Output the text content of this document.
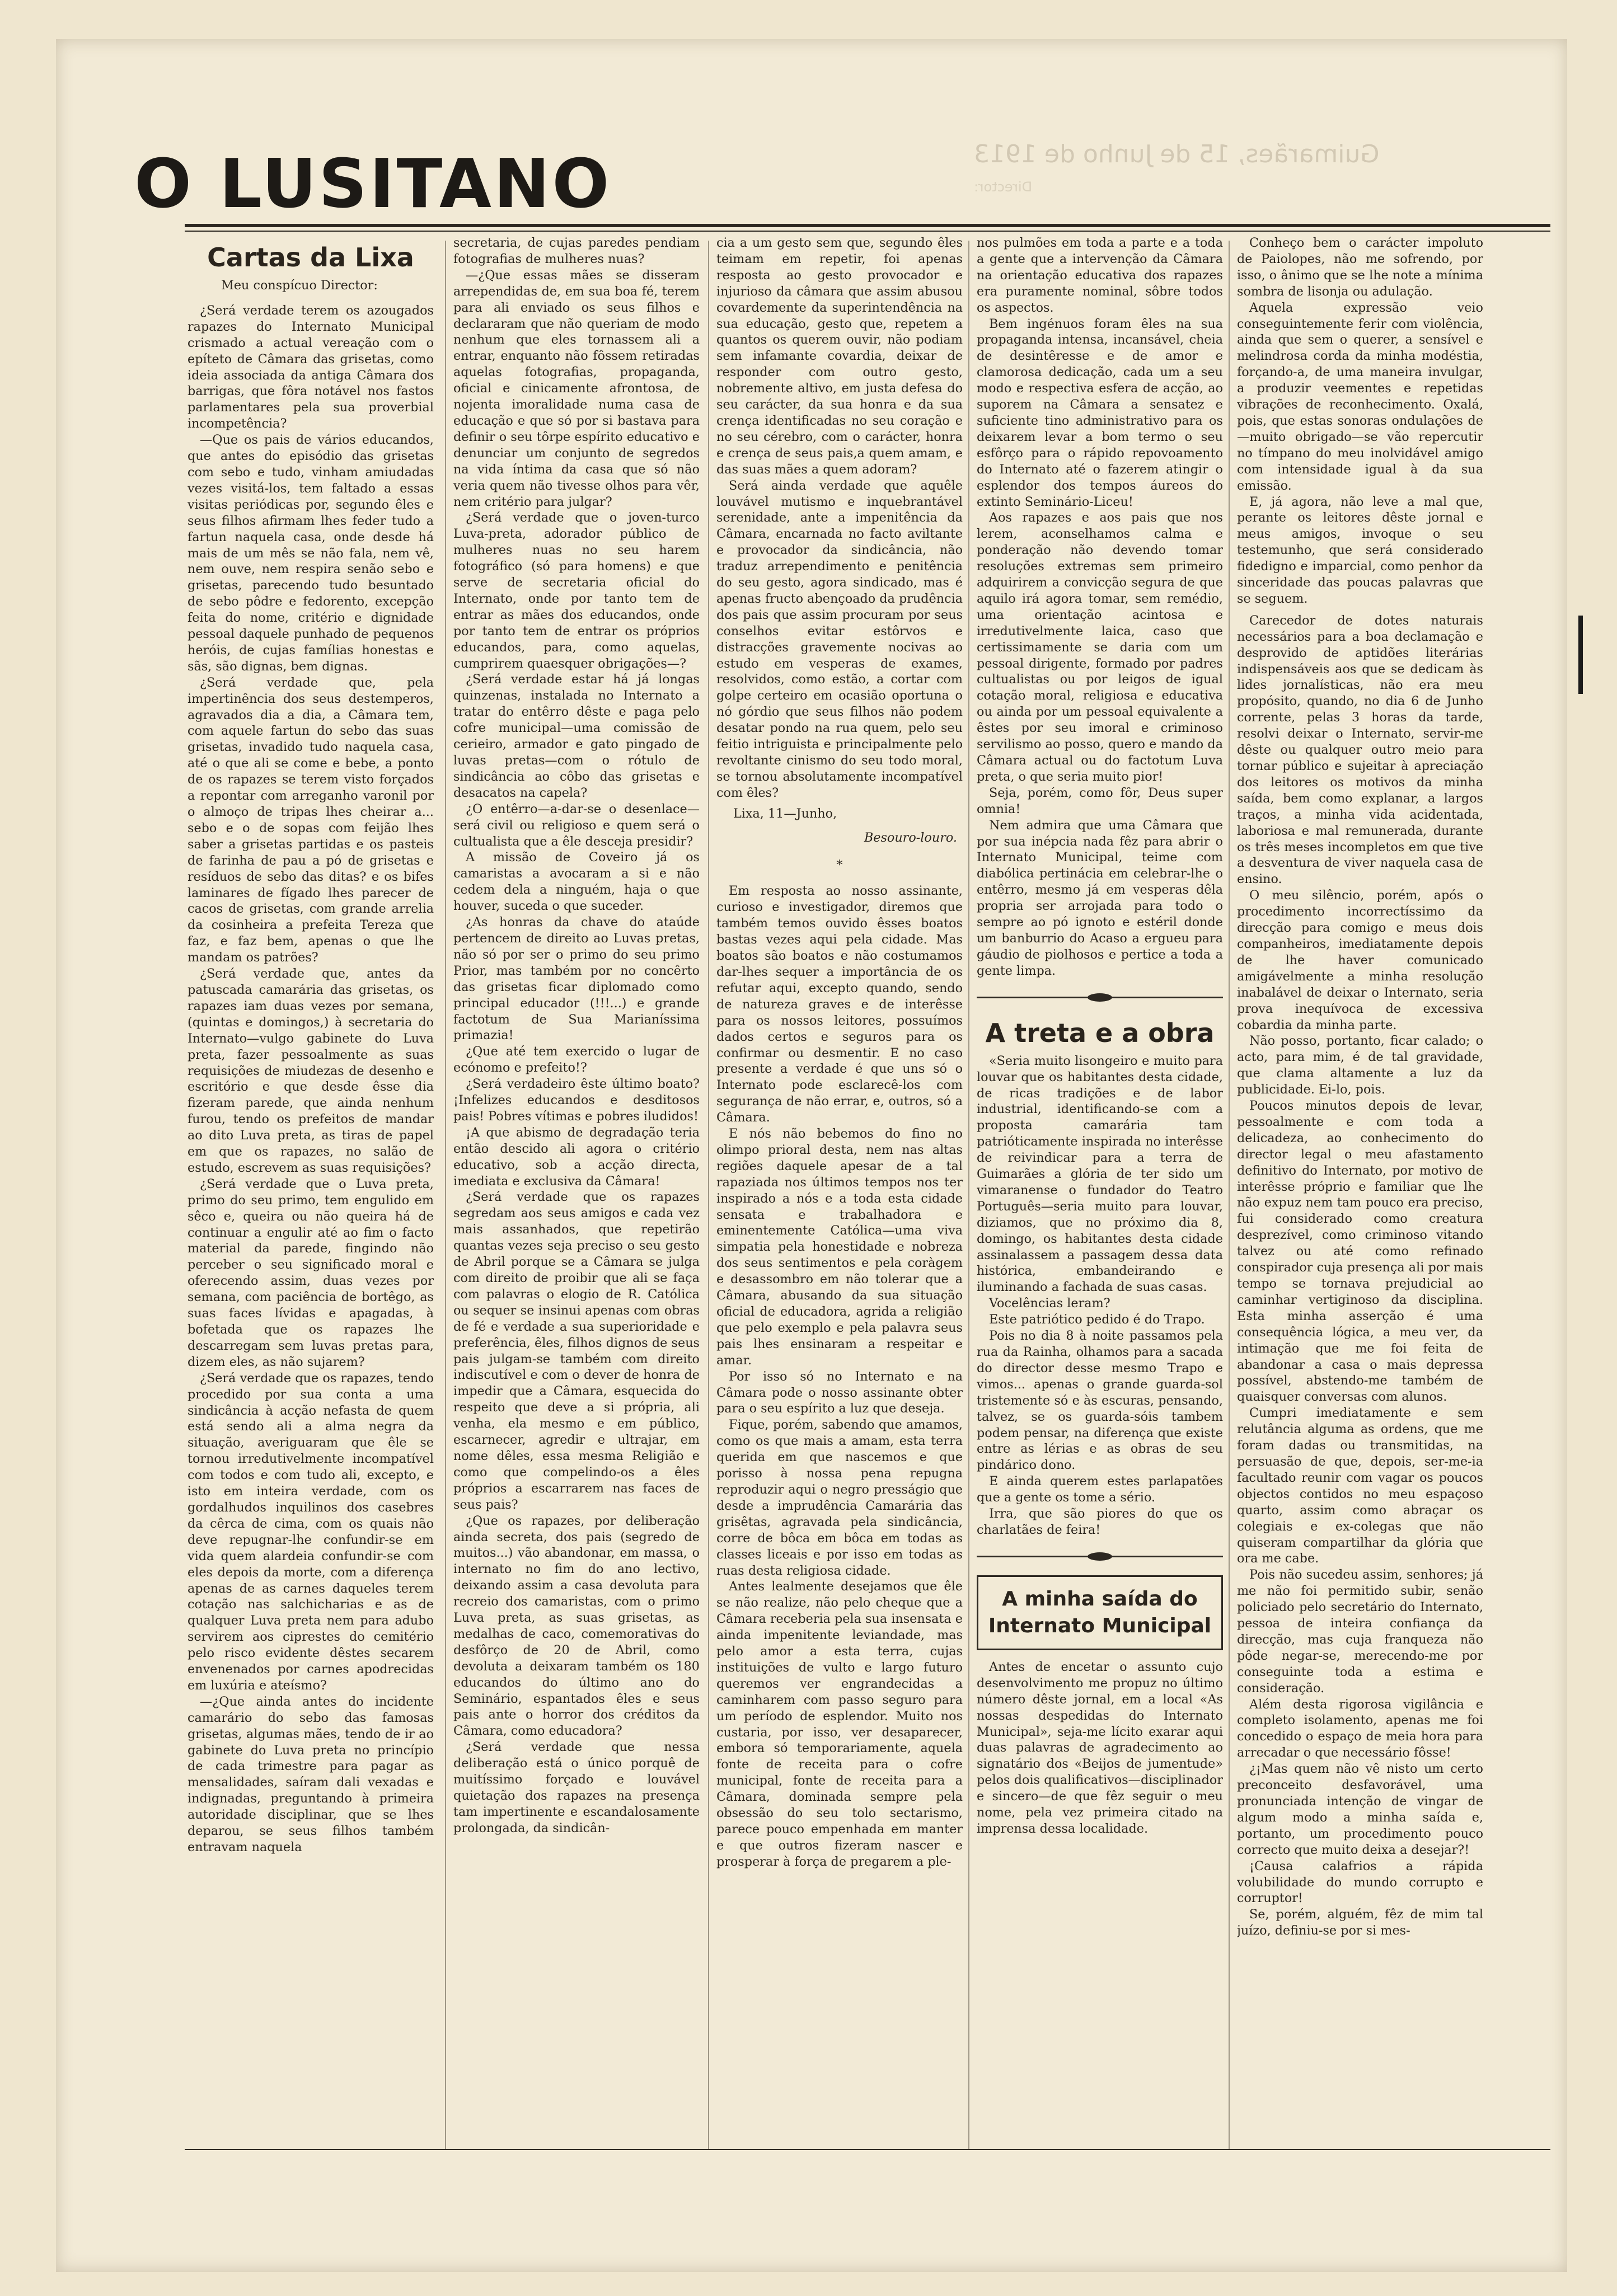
O LUSITANO	Guimarães, 15 de Junho de 1913
Director:
Cartas da Lixa

Meu conspícuo Director:

¿Será verdade terem os azougados rapazes do Internato Municipal crismado a actual vereação com o epíteto de Câmara das grisetas, como ideia associada da antiga Câmara dos barrigas, que fôra notável nos fastos parlamentares pela sua proverbial incompetência?

—Que os pais de vários educandos, que antes do episódio das grisetas com sebo e tudo, vinham amiudadas vezes visitá-los, tem faltado a essas visitas periódicas por, segundo êles e seus filhos afirmam lhes feder tudo a fartun naquela casa, onde desde há mais de um mês se não fala, nem vê, nem ouve, nem respira senão sebo e grisetas, parecendo tudo besuntado de sebo pôdre e fedorento, excepção feita do nome, critério e dignidade pessoal daquele punhado de pequenos heróis, de cujas famílias honestas e sãs, são dignas, bem dignas.

¿Será verdade que, pela impertinência dos seus destemperos, agravados dia a dia, a Câmara tem, com aquele fartun do sebo das suas grisetas, invadido tudo naquela casa, até o que ali se come e bebe, a ponto de os rapazes se terem visto forçados a repontar com arreganho varonil por o almoço de tripas lhes cheirar a... sebo e o de sopas com feijão lhes saber a grisetas partidas e os pasteis de farinha de pau a pó de grisetas e resíduos de sebo das ditas? e os bifes laminares de fígado lhes parecer de cacos de grisetas, com grande arrelia da cosinheira a prefeita Tereza que faz, e faz bem, apenas o que lhe mandam os patrões?

¿Será verdade que, antes da patuscada camarária das grisetas, os rapazes iam duas vezes por semana, (quintas e domingos,) à secretaria do Internato—vulgo gabinete do Luva preta, fazer pessoalmente as suas requisições de miudezas de desenho e escritório e que desde êsse dia fizeram parede, que ainda nenhum furou, tendo os prefeitos de mandar ao dito Luva preta, as tiras de papel em que os rapazes, no salão de estudo, escrevem as suas requisições?

¿Será verdade que o Luva preta, primo do seu primo, tem engulido em sêco e, queira ou não queira há de continuar a engulir até ao fim o facto material da parede, fingindo não perceber o seu significado moral e oferecendo assim, duas vezes por semana, com paciência de bortêgo, as suas faces lívidas e apagadas, à bofetada que os rapazes lhe descarregam sem luvas pretas para, dizem eles, as não sujarem?

¿Será verdade que os rapazes, tendo procedido por sua conta a uma sindicância à acção nefasta de quem está sendo ali a alma negra da situação, averiguaram que êle se tornou irredutivelmente incompatível com todos e com tudo ali, excepto, e isto em inteira verdade, com os gordalhudos inquilinos dos casebres da cêrca de cima, com os quais não deve repugnar-lhe confundir-se em vida quem alardeia confundir-se com eles depois da morte, com a diferença apenas de as carnes daqueles terem cotação nas salchicharias e as de qualquer Luva preta nem para adubo servirem aos ciprestes do cemitério pelo risco evidente dêstes secarem envenenados por carnes apodrecidas em luxúria e ateísmo?

—¿Que ainda antes do incidente camarário do sebo das famosas grisetas, algumas mães, tendo de ir ao gabinete do Luva preta no princípio de cada trimestre para pagar as mensalidades, saíram dali vexadas e indignadas, preguntando à primeira autoridade disciplinar, que se lhes deparou, se seus filhos também entravam naquela

secretaria, de cujas paredes pendiam fotografias de mulheres nuas?

—¿Que essas mães se disseram arrependidas de, em sua boa fé, terem para ali enviado os seus filhos e declararam que não queriam de modo nenhum que eles tornassem ali a entrar, enquanto não fôssem retiradas aquelas fotografias, propaganda, oficial e cinicamente afrontosa, de nojenta imoralidade numa casa de educação e que só por si bastava para definir o seu tôrpe espírito educativo e denunciar um conjunto de segredos na vida íntima da casa que só não veria quem não tivesse olhos para vêr, nem critério para julgar?

¿Será verdade que o joven-turco Luva-preta, adorador público de mulheres nuas no seu harem fotográfico (só para homens) e que serve de secretaria oficial do Internato, onde por tanto tem de entrar as mães dos educandos, onde por tanto tem de entrar os próprios educandos, para, como aquelas, cumprirem quaesquer obrigações—?

¿Será verdade estar há já longas quinzenas, instalada no Internato a tratar do entêrro dêste e paga pelo cofre municipal—uma comissão de cerieiro, armador e gato pingado de luvas pretas—com o rótulo de sindicância ao côbo das grisetas e desacatos na capela?

¿O entêrro—a-dar-se o desenlace—será civil ou religioso e quem será o cultualista que a êle desceja presidir?

A missão de Coveiro já os camaristas a avocaram a si e não cedem dela a ninguém, haja o que houver, suceda o que suceder.

¿As honras da chave do ataúde pertencem de direito ao Luvas pretas, não só por ser o primo do seu primo Prior, mas também por no concêrto das grisetas ficar diplomado como principal educador (!!!...) e grande factotum de Sua Marianíssima primazia!

¿Que até tem exercido o lugar de ecónomo e prefeito!?

¿Será verdadeiro êste último boato? ¡Infelizes educandos e desditosos pais! Pobres vítimas e pobres iludidos!

¡A que abismo de degradação teria então descido ali agora o critério educativo, sob a acção directa, imediata e exclusiva da Câmara!

¿Será verdade que os rapazes segredam aos seus amigos e cada vez mais assanhados, que repetirão quantas vezes seja preciso o seu gesto de Abril porque se a Câmara se julga com direito de proibir que ali se faça com palavras o elogio de R. Católica ou sequer se insinui apenas com obras de fé e verdade a sua superioridade e preferência, êles, filhos dignos de seus pais julgam-se também com direito indiscutível e com o dever de honra de impedir que a Câmara, esquecida do respeito que deve a si própria, ali venha, ela mesmo e em público, escarnecer, agredir e ultrajar, em nome dêles, essa mesma Religião e como que compelindo-os a êles próprios a escarrarem nas faces de seus pais?

¿Que os rapazes, por deliberação ainda secreta, dos pais (segredo de muitos...) vão abandonar, em massa, o internato no fim do ano lectivo, deixando assim a casa devoluta para recreio dos camaristas, com o primo Luva preta, as suas grisetas, as medalhas de caco, comemorativas do desfôrço de 20 de Abril, como devoluta a deixaram também os 180 educandos do último ano do Seminário, espantados êles e seus pais ante o horror dos créditos da Câmara, como educadora?

¿Será verdade que nessa deliberação está o único porquê de muitíssimo forçado e louvável quietação dos rapazes na presença tam impertinente e escandalosamente prolongada, da sindicân-

cia a um gesto sem que, segundo êles teimam em repetir, foi apenas resposta ao gesto provocador e injurioso da câmara que assim abusou covardemente da superintendência na sua educação, gesto que, repetem a quantos os querem ouvir, não podiam sem infamante covardia, deixar de responder com outro gesto, nobremente altivo, em justa defesa do seu carácter, da sua honra e da sua crença identificadas no seu coração e no seu cérebro, com o carácter, honra e crença de seus pais,a quem amam, e das suas mães a quem adoram?

Será ainda verdade que aquêle louvável mutismo e inquebrantável serenidade, ante a impenitência da Câmara, encarnada no facto aviltante e provocador da sindicância, não traduz arrependimento e penitência do seu gesto, agora sindicado, mas é apenas fructo abençoado da prudência dos pais que assim procuram por seus conselhos evitar estôrvos e distracções gravemente nocivas ao estudo em vesperas de exames, resolvidos, como estão, a cortar com golpe certeiro em ocasião oportuna o nó górdio que seus filhos não podem desatar pondo na rua quem, pelo seu feitio intriguista e principalmente pelo revoltante cinismo do seu todo moral, se tornou absolutamente incompatível com êles?

Lixa, 11—Junho,

Besouro-louro.

*

Em resposta ao nosso assinante, curioso e investigador, diremos que também temos ouvido êsses boatos bastas vezes aqui pela cidade. Mas boatos são boatos e não costumamos dar-lhes sequer a importância de os refutar aqui, excepto quando, sendo de natureza graves e de interêsse para os nossos leitores, possuímos dados certos e seguros para os confirmar ou desmentir. E no caso presente a verdade é que uns só o Internato pode esclarecê-los com segurança de não errar, e, outros, só a Câmara.

E nós não bebemos do fino no olimpo prioral desta, nem nas altas regiões daquele apesar de a tal rapaziada nos últimos tempos nos ter inspirado a nós e a toda esta cidade sensata e trabalhadora e eminentemente Católica—uma viva simpatia pela honestidade e nobreza dos seus sentimentos e pela coràgem e desassombro em não tolerar que a Câmara, abusando da sua situação oficial de educadora, agrida a religião que pelo exemplo e pela palavra seus pais lhes ensinaram a respeitar e amar.

Por isso só no Internato e na Câmara pode o nosso assinante obter para o seu espírito a luz que deseja.

Fique, porém, sabendo que amamos, como os que mais a amam, esta terra querida em que nascemos e que porisso à nossa pena repugna reproduzir aqui o negro presságio que desde a imprudência Camarária das grisêtas, agravada pela sindicância, corre de bôca em bôca em todas as classes liceais e por isso em todas as ruas desta religiosa cidade.

Antes lealmente desejamos que êle se não realize, não pelo cheque que a Câmara receberia pela sua insensata e ainda impenitente leviandade, mas pelo amor a esta terra, cujas instituições de vulto e largo futuro queremos ver engrandecidas a caminharem com passo seguro para um período de esplendor. Muito nos custaria, por isso, ver desaparecer, embora só temporariamente, aquela fonte de receita para o cofre municipal, fonte de receita para a Câmara, dominada sempre pela obsessão do seu tolo sectarismo, parece pouco empenhada em manter e que outros fizeram nascer e prosperar à força de pregarem a ple-

nos pulmões em toda a parte e a toda a gente que a intervenção da Câmara na orientação educativa dos rapazes era puramente nominal, sôbre todos os aspectos.

Bem ingénuos foram êles na sua propaganda intensa, incansável, cheia de desintêresse e de amor e clamorosa dedicação, cada um a seu modo e respectiva esfera de acção, ao suporem na Câmara a sensatez e suficiente tino administrativo para os deixarem levar a bom termo o seu esfôrço para o rápido repovoamento do Internato até o fazerem atingir o esplendor dos tempos áureos do extinto Seminário-Liceu!

Aos rapazes e aos pais que nos lerem, aconselhamos calma e ponderação não devendo tomar resoluções extremas sem primeiro adquirirem a convicção segura de que aquilo irá agora tomar, sem remédio, uma orientação acintosa e irredutivelmente laica, caso que certissimamente se daria com um pessoal dirigente, formado por padres cultualistas ou por leigos de igual cotação moral, religiosa e educativa ou ainda por um pessoal equivalente a êstes por seu imoral e criminoso servilismo ao posso, quero e mando da Câmara actual ou do factotum Luva preta, o que seria muito pior!

Seja, porém, como fôr, Deus super omnia!

Nem admira que uma Câmara que por sua inépcia nada fêz para abrir o Internato Municipal, teime com diabólica pertinácia em celebrar-lhe o entêrro, mesmo já em vesperas dêla propria ser arrojada para todo o sempre ao pó ignoto e estéril donde um banburrio do Acaso a ergueu para gáudio de piolhosos e pertice a toda a gente limpa.

A treta e a obra

«Seria muito lisongeiro e muito para louvar que os habitantes desta cidade, de ricas tradições e de labor industrial, identificando-se com a proposta camarária tam patrióticamente inspirada no interêsse de reivindicar para a terra de Guimarães a glória de ter sido um vimaranense o fundador do Teatro Português—seria muito para louvar, diziamos, que no próximo dia 8, domingo, os habitantes desta cidade assinalassem a passagem dessa data histórica, embandeirando e iluminando a fachada de suas casas.

Vocelências leram?

Este patriótico pedido é do Trapo.

Pois no dia 8 à noite passamos pela rua da Rainha, olhamos para a sacada do director desse mesmo Trapo e vimos... apenas o grande guarda-sol tristemente só e às escuras, pensando, talvez, se os guarda-sóis tambem podem pensar, na diferença que existe entre as lérias e as obras de seu pindárico dono.

E ainda querem estes parlapatões que a gente os tome a sério.

Irra, que são piores do que os charlatães de feira!

A minha saída do Internato Municipal

Antes de encetar o assunto cujo desenvolvimento me propuz no último número dêste jornal, em a local «As nossas despedidas do Internato Municipal», seja-me lícito exarar aqui duas palavras de agradecimento ao signatário dos «Beijos de jumentude» pelos dois qualificativos—disciplinador e sincero—de que fêz seguir o meu nome, pela vez primeira citado na imprensa dessa localidade.

Conheço bem o carácter impoluto de Paiolopes, não me sofrendo, por isso, o ânimo que se lhe note a mínima sombra de lisonja ou adulação.

Aquela expressão veio conseguintemente ferir com violência, ainda que sem o querer, a sensível e melindrosa corda da minha modéstia, forçando-a, de uma maneira invulgar, a produzir veementes e repetidas vibrações de reconhecimento. Oxalá, pois, que estas sonoras ondulações de—muito obrigado—se vão repercutir no tímpano do meu inolvidável amigo com intensidade igual à da sua emissão.

E, já agora, não leve a mal que, perante os leitores dêste jornal e meus amigos, invoque o seu testemunho, que será considerado fidedigno e imparcial, como penhor da sinceridade das poucas palavras que se seguem.

Carecedor de dotes naturais necessários para a boa declamação e desprovido de aptidões literárias indispensáveis aos que se dedicam às lides jornalísticas, não era meu propósito, quando, no dia 6 de Junho corrente, pelas 3 horas da tarde, resolvi deixar o Internato, servir-me dêste ou qualquer outro meio para tornar público e sujeitar à apreciação dos leitores os motivos da minha saída, bem como explanar, a largos traços, a minha vida acidentada, laboriosa e mal remunerada, durante os três meses incompletos em que tive a desventura de viver naquela casa de ensino.

O meu silêncio, porém, após o procedimento incorrectíssimo da direcção para comigo e meus dois companheiros, imediatamente depois de lhe haver comunicado amigávelmente a minha resolução inabalável de deixar o Internato, seria prova inequívoca de excessiva cobardia da minha parte.

Não posso, portanto, ficar calado; o acto, para mim, é de tal gravidade, que clama altamente a luz da publicidade. Ei-lo, pois.

Poucos minutos depois de levar, pessoalmente e com toda a delicadeza, ao conhecimento do director legal o meu afastamento definitivo do Internato, por motivo de interêsse próprio e familiar que lhe não expuz nem tam pouco era preciso, fui considerado como creatura desprezível, como criminoso vitando talvez ou até como refinado conspirador cuja presença ali por mais tempo se tornava prejudicial ao caminhar vertiginoso da disciplina. Esta minha asserção é uma consequência lógica, a meu ver, da intimação que me foi feita de abandonar a casa o mais depressa possível, abstendo-me também de quaisquer conversas com alunos.

Cumpri imediatamente e sem relutância alguma as ordens, que me foram dadas ou transmitidas, na persuasão de que, depois, ser-me-ia facultado reunir com vagar os poucos objectos contidos no meu espaçoso quarto, assim como abraçar os colegiais e ex-colegas que não quiseram compartilhar da glória que ora me cabe.

Pois não sucedeu assim, senhores; já me não foi permitido subir, senão policiado pelo secretário do Internato, pessoa de inteira confiança da direcção, mas cuja franqueza não pôde negar-se, merecendo-me por conseguinte toda a estima e consideração.

Além desta rigorosa vigilância e completo isolamento, apenas me foi concedido o espaço de meia hora para arrecadar o que necessário fôsse!

¿¡Mas quem não vê nisto um certo preconceito desfavorável, uma pronunciada intenção de vingar de algum modo a minha saída e, portanto, um procedimento pouco correcto que muito deixa a desejar?!

¡Causa calafrios a rápida volubilidade do mundo corrupto e corruptor!

Se, porém, alguém, fêz de mim tal juízo, definiu-se por si mes-
